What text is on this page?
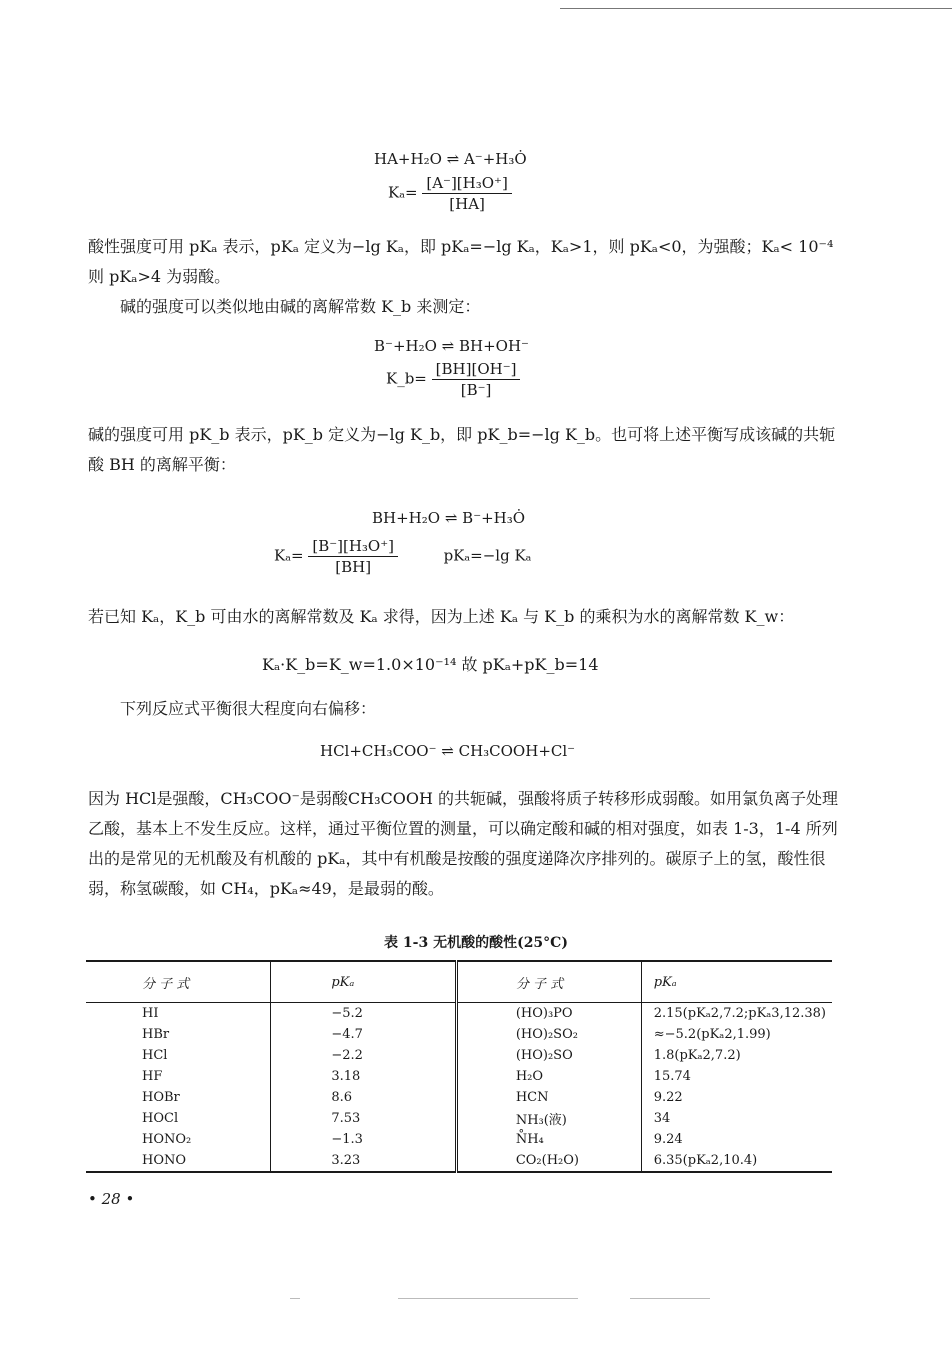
HA+H₂O ⇌ A⁻+H₃Ȯ
$K_a= \frac{\text{[A⁻][H₃O⁺]}}{[HA]}$
酸性强度可用 pKₐ 表示，pKₐ 定义为−lg Kₐ，即 pKₐ=−lg Kₐ，Kₐ>1，则 pKₐ<0，为强酸；Kₐ< 10⁻⁴ 则 pKₐ>4 为弱酸。
碱的强度可以类似地由碱的离解常数 K_b 来测定：
B⁻+H₂O ⇌ BH+OH⁻
K_b= $\frac{[BH][OH^-]}{[B^-]}$
碱的强度可用 pK_b 表示，pK_b 定义为−lg K_b，即 pK_b=−lg K_b。也可将上述平衡写成该碱的共轭酸 BH 的离解平衡：
BH+H₂O ⇌ B⁻+H₃Ȯ
$K_a= \frac{\text{[B⁻][H₃O⁺]}}{[BH]}$	pKₐ=−lg Kₐ
若已知 Kₐ，K_b 可由水的离解常数及 Kₐ 求得，因为上述 Kₐ 与 K_b 的乘积为水的离解常数 K_w：
Kₐ·K_b=K_w=1.0×10⁻¹⁴ 故 pKₐ+pK_b=14
下列反应式平衡很大程度向右偏移：
HCl+CH₃COO⁻ ⇌ CH₃COOH+Cl⁻
因为 HCl是强酸，CH₃COO⁻是弱酸CH₃COOH 的共轭碱，强酸将质子转移形成弱酸。如用氯负离子处理乙酸，基本上不发生反应。这样，通过平衡位置的测量，可以确定酸和碱的相对强度，如表 1-3，1-4 所列出的是常见的无机酸及有机酸的 pKₐ，其中有机酸是按酸的强度递降次序排列的。碳原子上的氢，酸性很弱，称氢碳酸，如 CH₄，pKₐ≈49，是最弱的酸。
表 1-3 无机酸的酸性(25°C)
分 子 式	pKₐ	分 子 式	pKₐ
HI	−5.2	(HO)₃PO	2.15(pKₐ2,7.2;pKₐ3,12.38)
HBr	−4.7	(HO)₂SO₂	≈−5.2(pKₐ2,1.99)
HCl	−2.2	(HO)₂SO	1.8(pKₐ2,7.2)
HF	3.18	H₂O	15.74
HOBr	8.6	HCN	9.22
HOCl	7.53	NH₃(液)	34
HONO₂	−1.3	N̊H₄	9.24
HONO	3.23	CO₂(H₂O)	6.35(pKₐ2,10.4)
• 28 •
